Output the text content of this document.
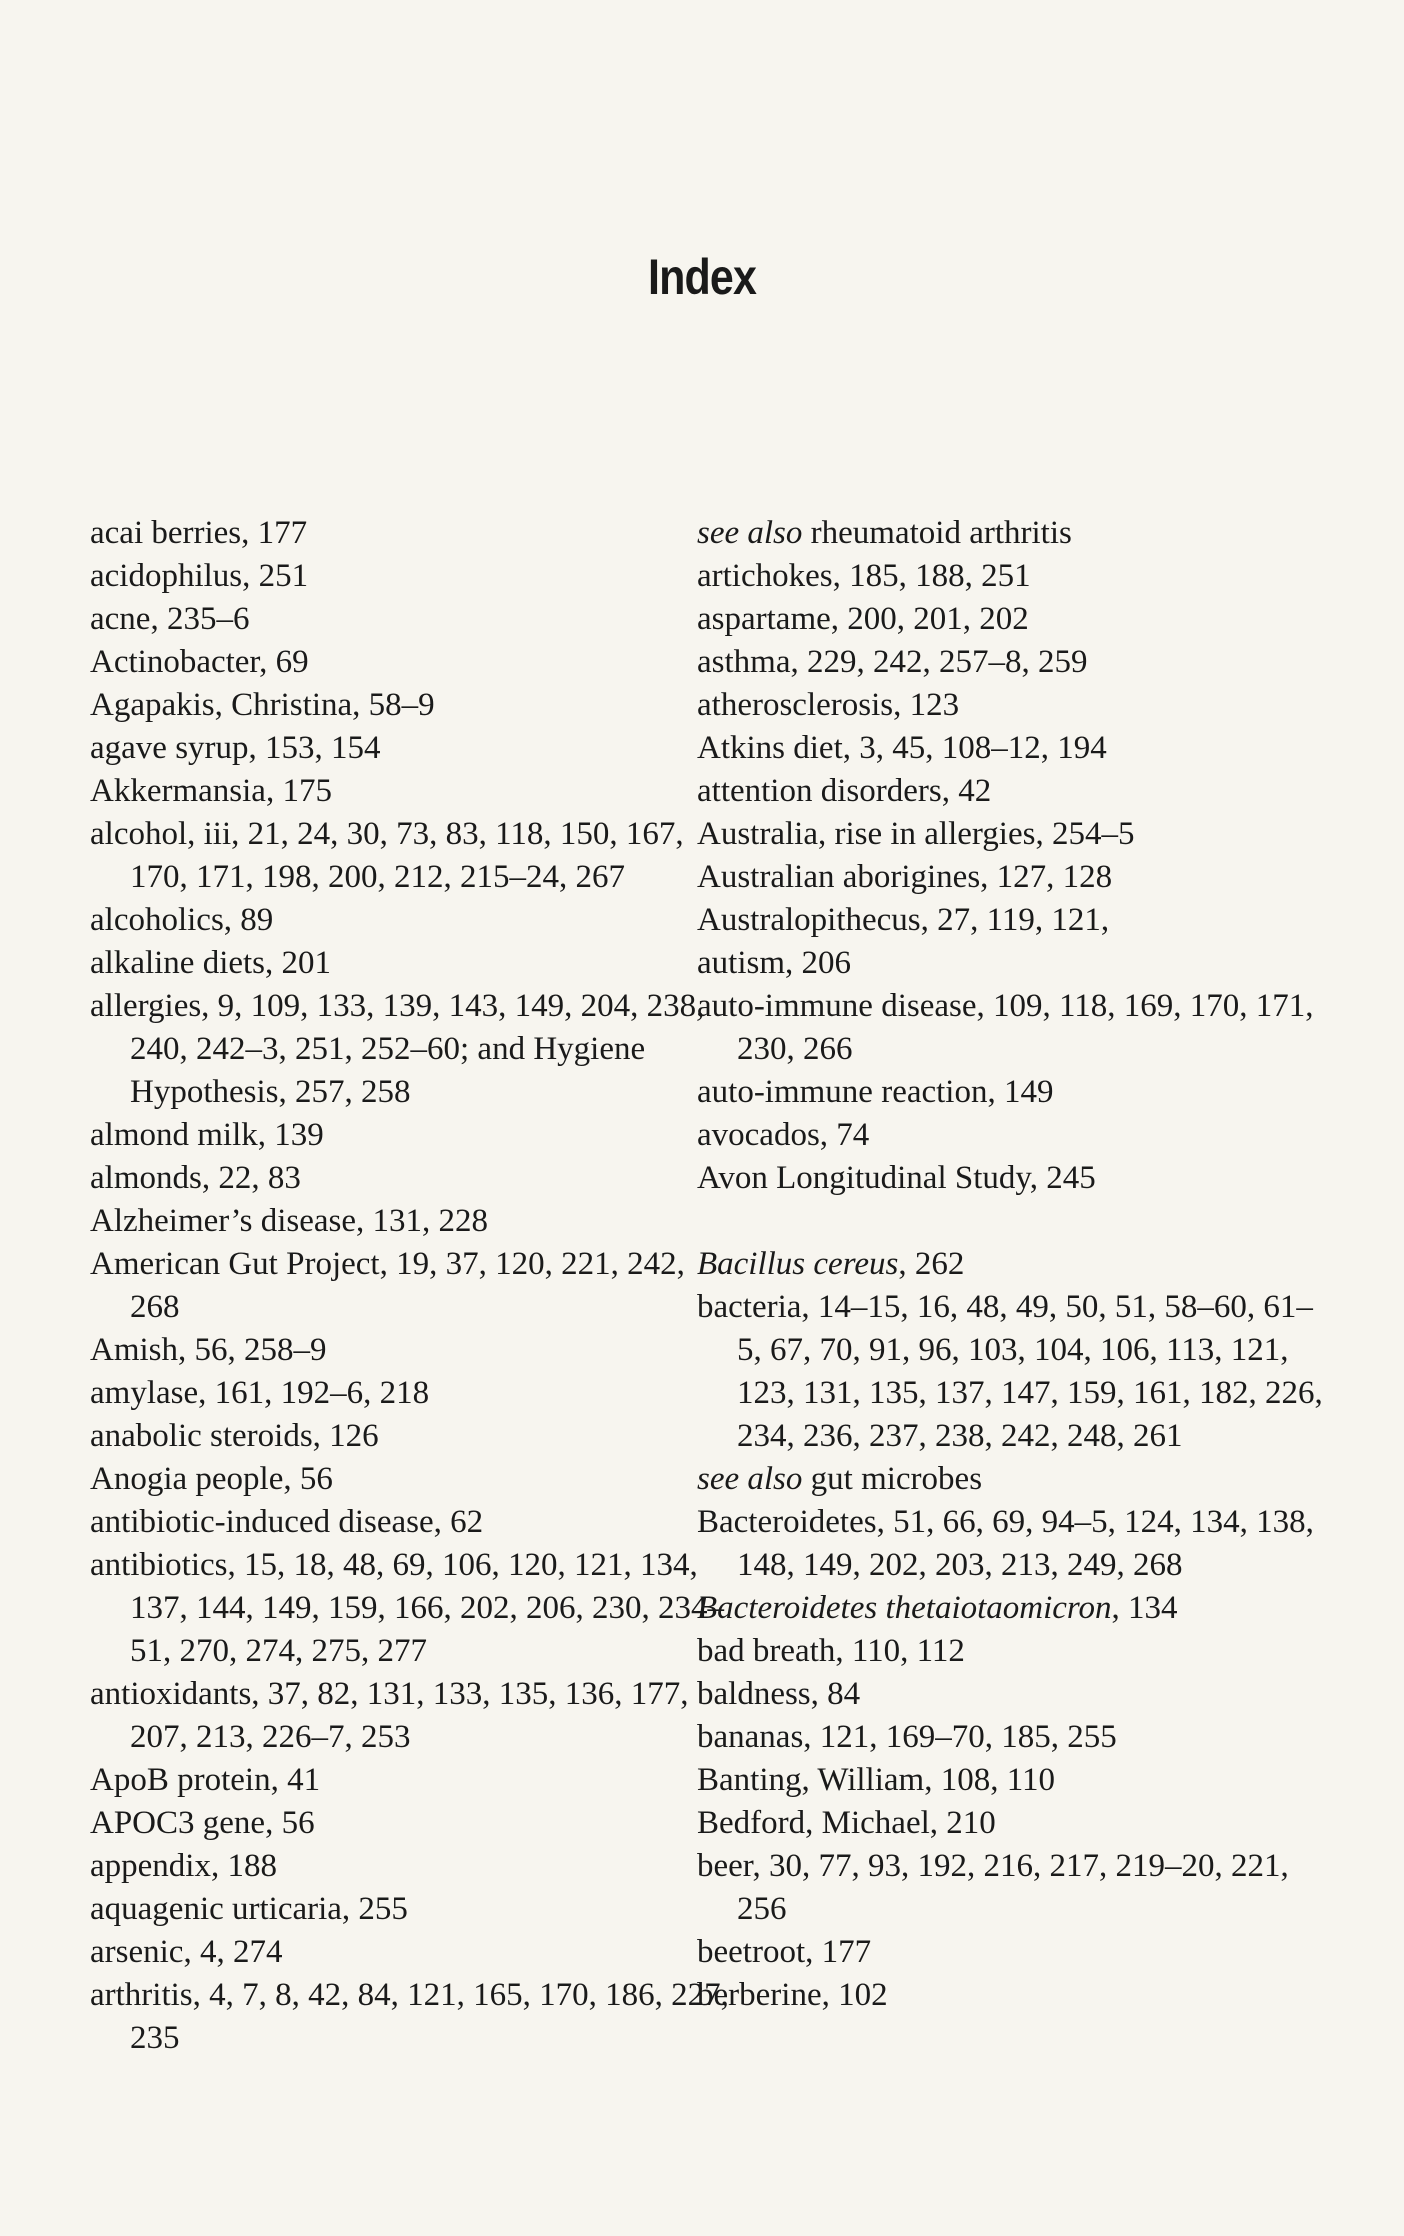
Index
acai berries, 177
acidophilus, 251
acne, 235–6
Actinobacter, 69
Agapakis, Christina, 58–9
agave syrup, 153, 154
Akkermansia, 175
alcohol, iii, 21, 24, 30, 73, 83, 118, 150, 167, 170, 171, 198, 200, 212, 215–24, 267
alcoholics, 89
alkaline diets, 201
allergies, 9, 109, 133, 139, 143, 149, 204, 238, 240, 242–3, 251, 252–60; and Hygiene Hypothesis, 257, 258
almond milk, 139
almonds, 22, 83
Alzheimer’s disease, 131, 228
American Gut Project, 19, 37, 120, 221, 242, 268
Amish, 56, 258–9
amylase, 161, 192–6, 218
anabolic steroids, 126
Anogia people, 56
antibiotic-induced disease, 62
antibiotics, 15, 18, 48, 69, 106, 120, 121, 134, 137, 144, 149, 159, 166, 202, 206, 230, 234–51, 270, 274, 275, 277
antioxidants, 37, 82, 131, 133, 135, 136, 177, 207, 213, 226–7, 253
ApoB protein, 41
APOC3 gene, 56
appendix, 188
aquagenic urticaria, 255
arsenic, 4, 274
arthritis, 4, 7, 8, 42, 84, 121, 165, 170, 186, 227, 235
see also rheumatoid arthritis
artichokes, 185, 188, 251
aspartame, 200, 201, 202
asthma, 229, 242, 257–8, 259
atherosclerosis, 123
Atkins diet, 3, 45, 108–12, 194
attention disorders, 42
Australia, rise in allergies, 254–5
Australian aborigines, 127, 128
Australopithecus, 27, 119, 121,
autism, 206
auto-immune disease, 109, 118, 169, 170, 171, 230, 266
auto-immune reaction, 149
avocados, 74
Avon Longitudinal Study, 245
Bacillus cereus, 262
bacteria, 14–15, 16, 48, 49, 50, 51, 58–60, 61–5, 67, 70, 91, 96, 103, 104, 106, 113, 121, 123, 131, 135, 137, 147, 159, 161, 182, 226, 234, 236, 237, 238, 242, 248, 261
see also gut microbes
Bacteroidetes, 51, 66, 69, 94–5, 124, 134, 138, 148, 149, 202, 203, 213, 249, 268
Bacteroidetes thetaiotaomicron, 134
bad breath, 110, 112
baldness, 84
bananas, 121, 169–70, 185, 255
Banting, William, 108, 110
Bedford, Michael, 210
beer, 30, 77, 93, 192, 216, 217, 219–20, 221, 256
beetroot, 177
berberine, 102
